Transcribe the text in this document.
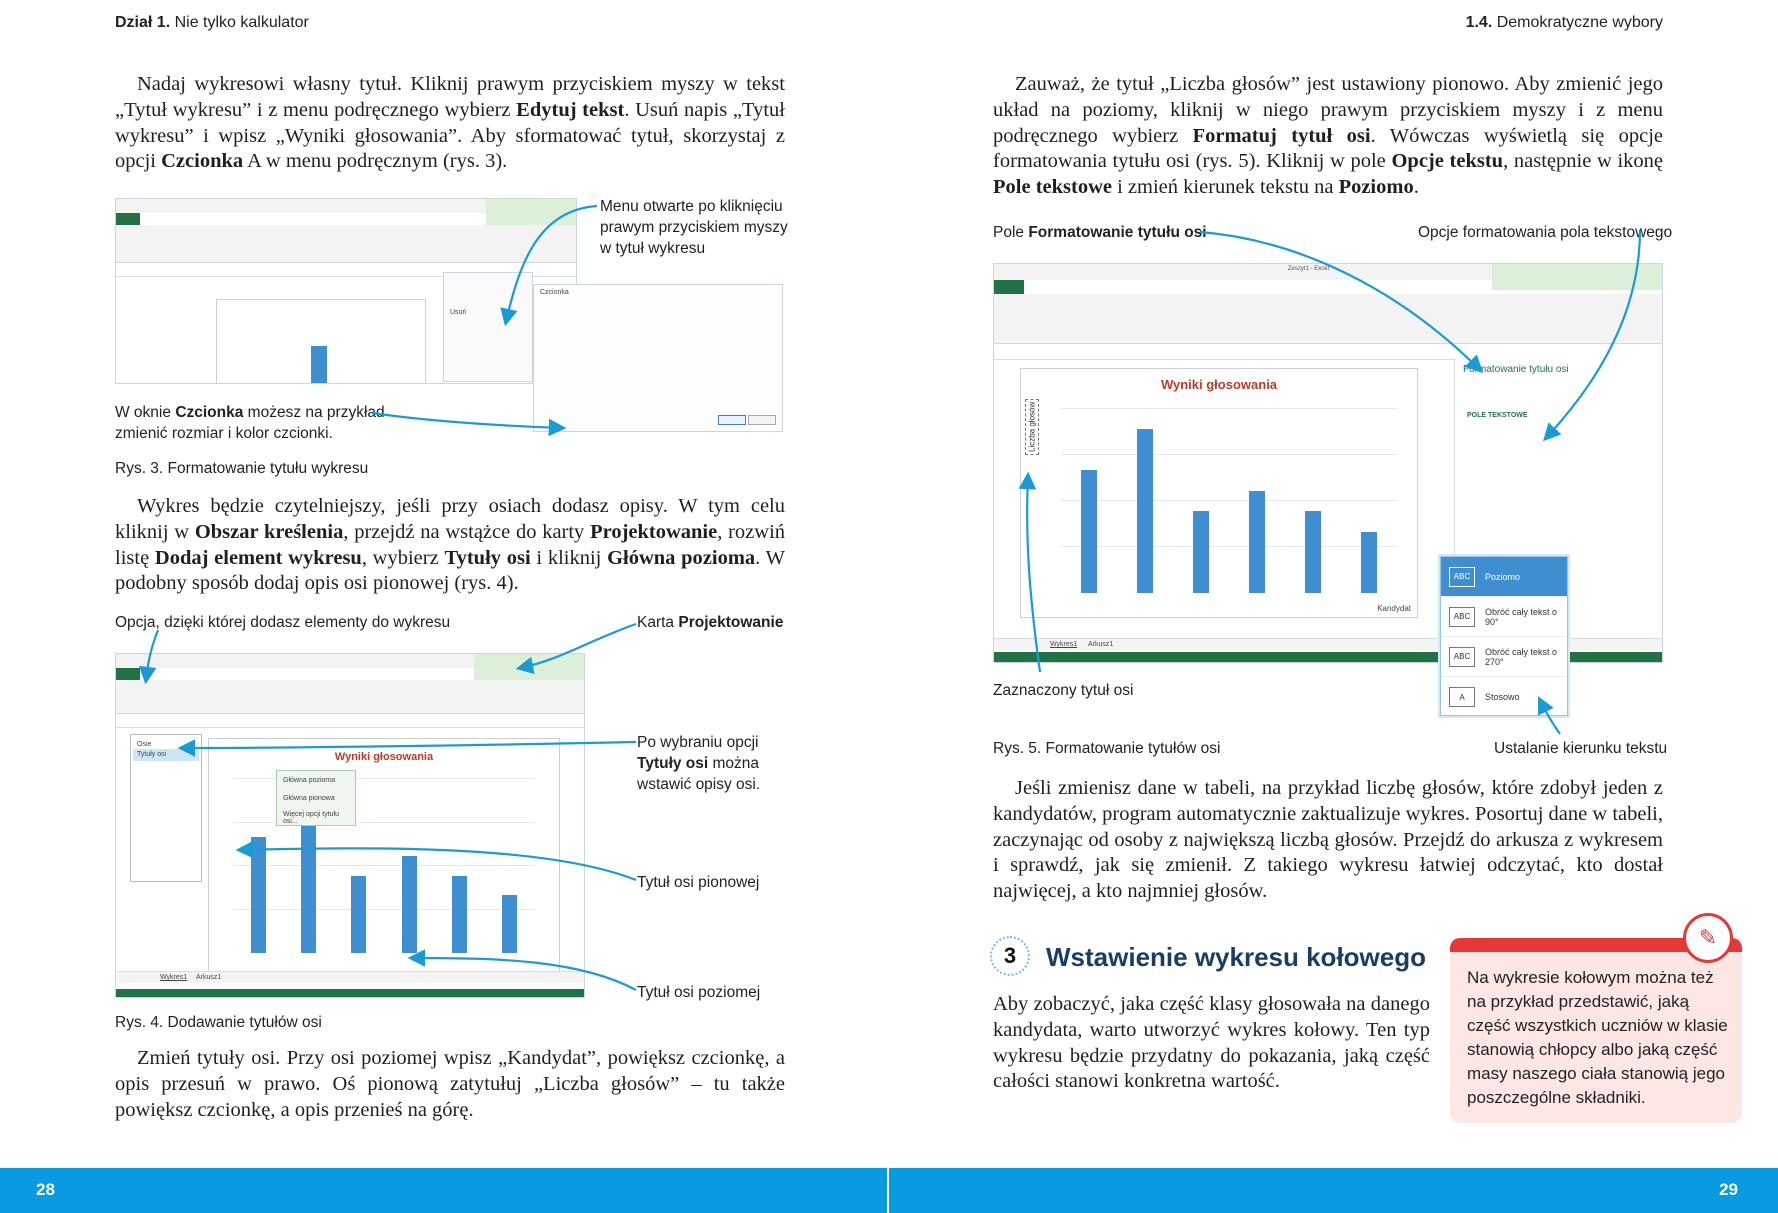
Dział 1. Nie tylko kalkulator	1.4. Demokratyczne wybory
Nadaj wykresowi własny tytuł. Kliknij prawym przyciskiem myszy w tekst „Tytuł wykresu” i z menu podręcznego wybierz Edytuj tekst. Usuń napis „Tytuł wykresu” i wpisz „Wyniki głosowania”. Aby sformatować tytuł, skorzystaj z opcji Czcionka A w menu podręcznym (rys. 3).
Usuń
Czcionka
Menu otwarte po kliknięciu prawym przyciskiem myszy w tytuł wykresu
W oknie Czcionka możesz na przykład zmienić rozmiar i kolor czcionki.
Rys. 3. Formatowanie tytułu wykresu
Wykres będzie czytelniejszy, jeśli przy osiach dodasz opisy. W tym celu kliknij w Obszar kreślenia, przejdź na wstążce do karty Projektowanie, rozwiń listę Dodaj element wykresu, wybierz Tytuły osi i kliknij Główna pozioma. W podobny sposób dodaj opis osi pionowej (rys. 4).
Opcja, dzięki której dodasz elementy do wykresu	Karta Projektowanie
Osie
Tytuły osi	Wyniki głosowania
Główna pozioma
Główna pionowa
Więcej opcji tytułu osi...
Wykres1 Arkusz1
Po wybraniu opcji Tytuły osi można wstawić opisy osi.
Tytuł osi pionowej
Tytuł osi poziomej
Rys. 4. Dodawanie tytułów osi
Zmień tytuły osi. Przy osi poziomej wpisz „Kandydat”, powiększ czcionkę, a opis przesuń w prawo. Oś pionową zatytułuj „Liczba głosów” – tu także powiększ czcionkę, a opis przenieś na górę.
Zauważ, że tytuł „Liczba głosów” jest ustawiony pionowo. Aby zmienić jego układ na poziomy, kliknij w niego prawym przyciskiem myszy i z menu podręcznego wybierz Formatuj tytuł osi. Wówczas wyświetlą się opcje formatowania tytułu osi (rys. 5). Kliknij w pole Opcje tekstu, następnie w ikonę Pole tekstowe i zmień kierunek tekstu na Poziomo.
Pole Formatowanie tytułu osi	Opcje formatowania pola tekstowego
Zeszyt1 - Excel
Wyniki głosowania
Liczba głosów
Kandydat
Formatowanie tytułu osi
POLE TEKSTOWE
Wykres1 Arkusz1
ABC	Poziomo
ABC	Obróć cały tekst o 90°
ABC	Obróć cały tekst o 270°
A	Stosowo
Zaznaczony tytuł osi
Rys. 5. Formatowanie tytułów osi	Ustalanie kierunku tekstu
Jeśli zmienisz dane w tabeli, na przykład liczbę głosów, które zdobył jeden z kandydatów, program automatycznie zaktualizuje wykres. Posortuj dane w tabeli, zaczynając od osoby z największą liczbą głosów. Przejdź do arkusza z wykresem i sprawdź, jak się zmienił. Z takiego wykresu łatwiej odczytać, kto dostał najwięcej, a kto najmniej głosów.
3	Wstawienie wykresu kołowego
Aby zobaczyć, jaka część klasy głosowała na danego kandydata, warto utworzyć wykres kołowy. Ten typ wykresu będzie przydatny do pokazania, jaką część całości stanowi konkretna wartość.
✎
Na wykresie kołowym można też na przykład przedstawić, jaką część wszystkich uczniów w klasie stanowią chłopcy albo jaką część masy naszego ciała stanowią jego poszczególne składniki.
28	29
